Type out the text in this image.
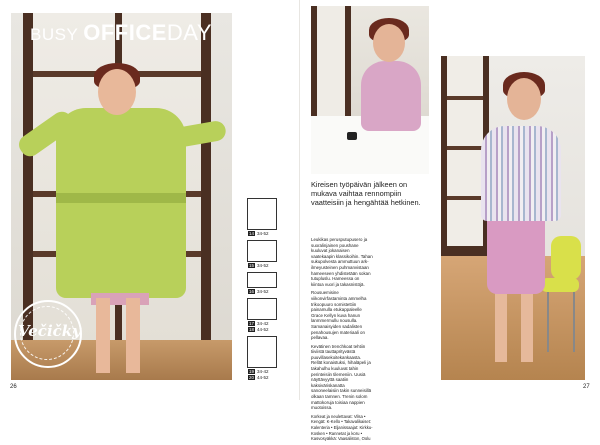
BUSY OFFICEDAY
Večičky
14 34-52
15 34-52
16 34-52
17 34-42
18 44-52
19 34-42
20 44-52
26	27
Kireisen työpäivän jälkeen on mukava vaihtaa rennompiin vaatteisiin ja hengähtää hetkinen.

Leukikas perusputupusero ja suoralinjainen poushane kuuluvat jokanaisen vaatekaapin klassikoihin. Tahan sukupolvesta ammuttuun ark-ilmeyusteinen puhmanvistaan hameeseen yhdistetään sokan tutupluslu. Hameessa on kiintoa vuori ja takasnistöjä.

Rousuemisine viikonvirfastaminta ammelha trikoopuuro somistettiin painamulla etukappaleelle Grace Kellyn kuva hanun lanmmermullu nousulla. Samanaisyiden sadalisten penahousujen materiaali on pellavaa.

Kevätinen trenchkoat tehtiin tiiviistä tauttaprityvästä puuvillasekoitekankaasta. Rellät konaistuksi, hihaläpeli ja takahulhu kuuluvat tahin perinteisiin tilemeniin. Uusiä näyttävyyttä saatiin kaksiväriskanatta sanoneelaisiin takin sunneisillä olkaan tamnen. Trenin solom mattokoruja toisiaa nappien muotoissa.

Korkeat ja neulettavat: Vilsa • Kengät: K-Kello • Takavalikaiset: Kalenteria • Eljanissaajat: Kirkku-Kosken • Rannetat ja koru • Kasvosyäkkä: Vaasaliston, Oolu
